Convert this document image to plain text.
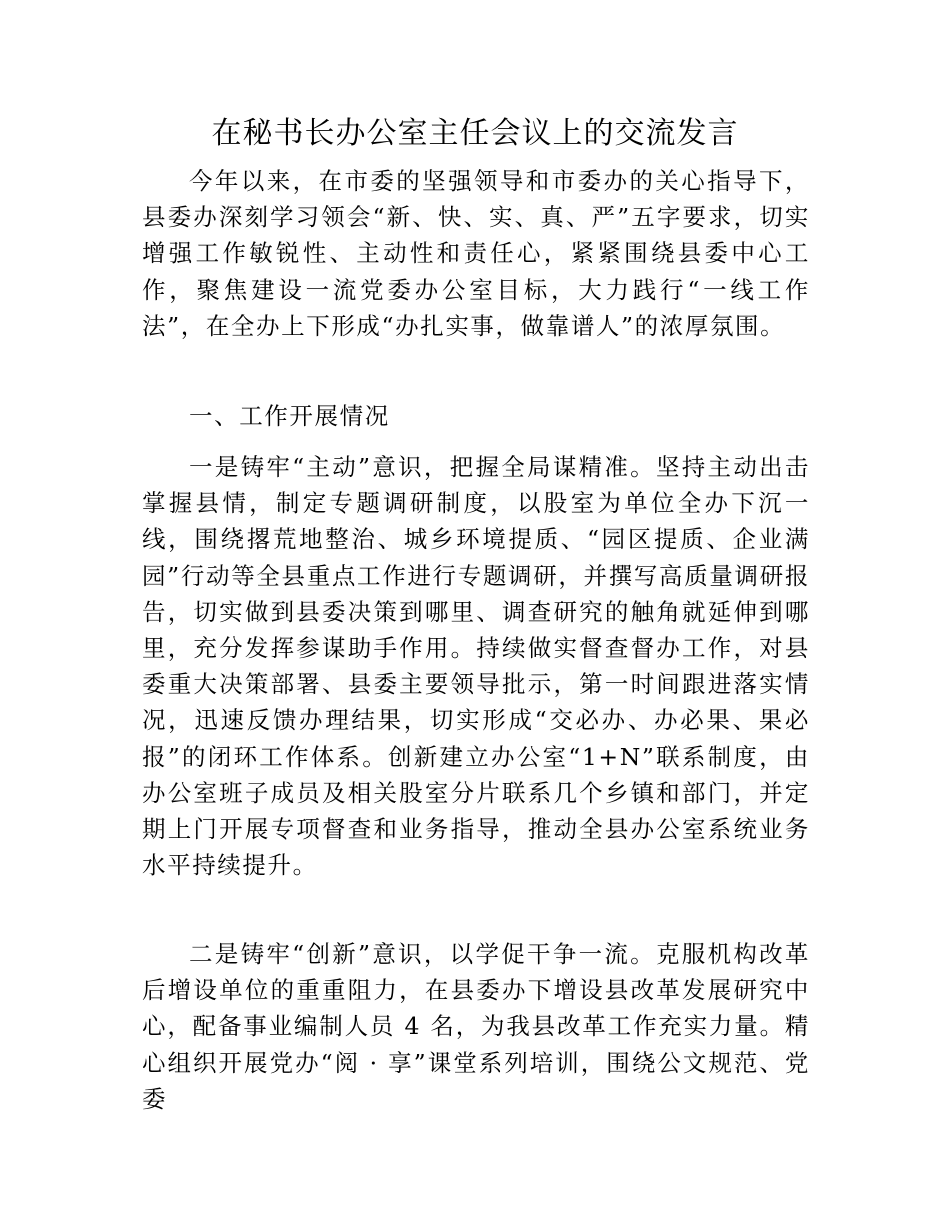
在秘书长办公室主任会议上的交流发言

今年以来，在市委的坚强领导和市委办的关心指导下，县委办深刻学习领会“新、快、实、真、严”五字要求，切实增强工作敏锐性、主动性和责任心，紧紧围绕县委中心工作，聚焦建设一流党委办公室目标，大力践行“一线工作法”，在全办上下形成“办扎实事，做靠谱人”的浓厚氛围。

一、工作开展情况

一是铸牢“主动”意识，把握全局谋精准。坚持主动出击掌握县情，制定专题调研制度，以股室为单位全办下沉一线，围绕撂荒地整治、城乡环境提质、“园区提质、企业满园”行动等全县重点工作进行专题调研，并撰写高质量调研报告，切实做到县委决策到哪里、调查研究的触角就延伸到哪里，充分发挥参谋助手作用。持续做实督查督办工作，对县委重大决策部署、县委主要领导批示，第一时间跟进落实情况，迅速反馈办理结果，切实形成“交必办、办必果、果必报”的闭环工作体系。创新建立办公室“1+N”联系制度，由办公室班子成员及相关股室分片联系几个乡镇和部门，并定期上门开展专项督查和业务指导，推动全县办公室系统业务水平持续提升。

二是铸牢“创新”意识，以学促干争一流。克服机构改革后增设单位的重重阻力，在县委办下增设县改革发展研究中心，配备事业编制人员 4 名，为我县改革工作充实力量。精心组织开展党办“阅 · 享”课堂系列培训，围绕公文规范、党委
